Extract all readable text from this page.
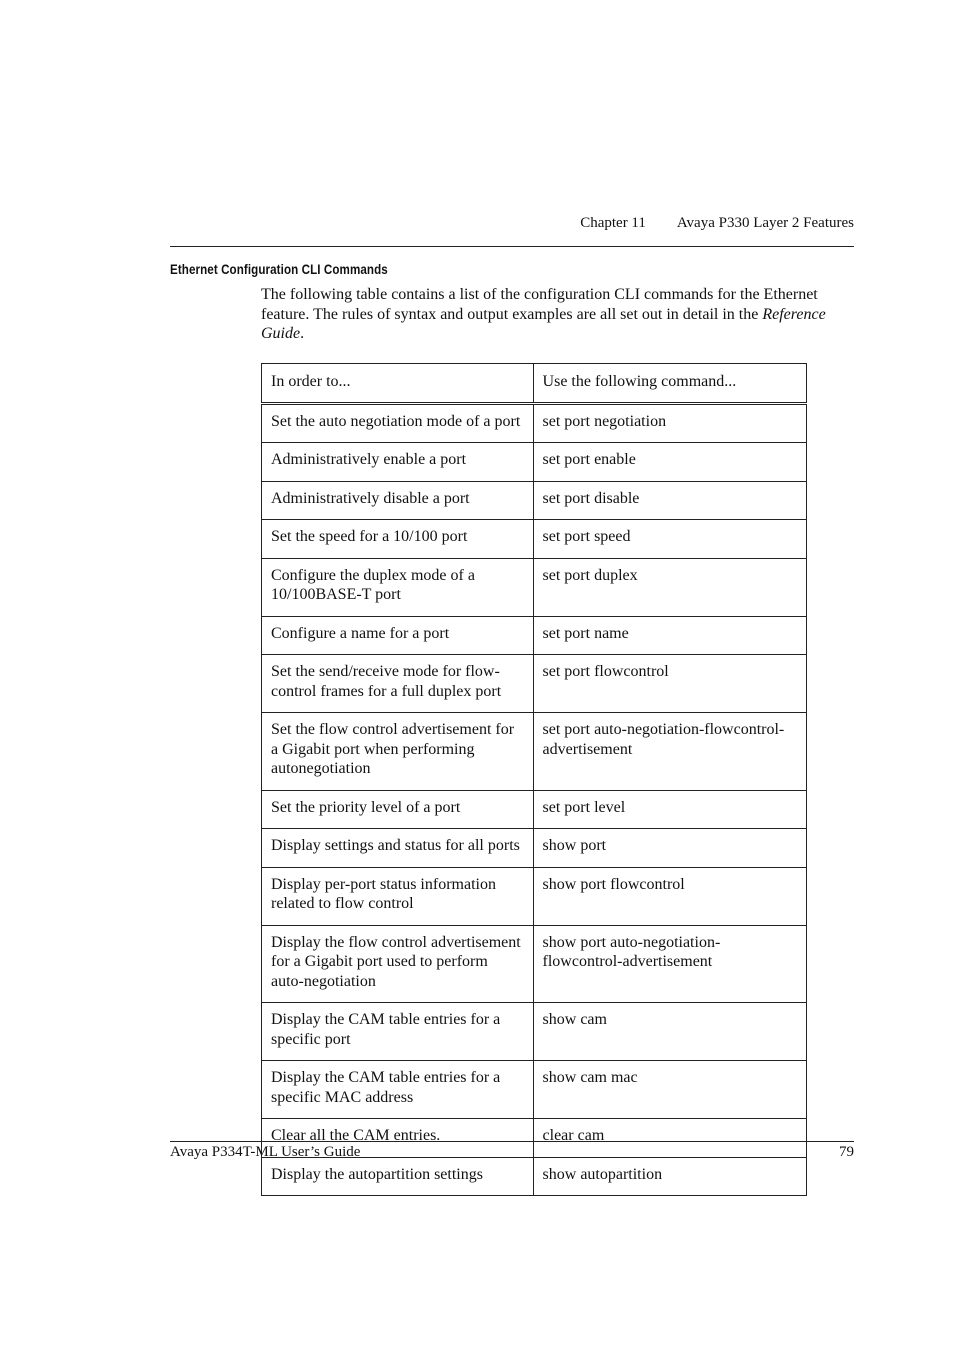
Chapter 11 Avaya P330 Layer 2 Features
Ethernet Configuration CLI Commands

The following table contains a list of the configuration CLI commands for the Ethernet feature. The rules of syntax and output examples are all set out in detail in the Reference Guide.

In order to...	Use the following command...
Set the auto negotiation mode of a port	set port negotiation
Administratively enable a port	set port enable
Administratively disable a port	set port disable
Set the speed for a 10/100 port	set port speed
Configure the duplex mode of a 10/100BASE-T port	set port duplex
Configure a name for a port	set port name
Set the send/receive mode for flow-control frames for a full duplex port	set port flowcontrol
Set the flow control advertisement for a Gigabit port when performing autonegotiation	set port auto-negotiation-flowcontrol-advertisement
Set the priority level of a port	set port level
Display settings and status for all ports	show port
Display per-port status information related to flow control	show port flowcontrol
Display the flow control advertisement for a Gigabit port used to perform auto-negotiation	show port auto-negotiation-flowcontrol-advertisement
Display the CAM table entries for a specific port	show cam
Display the CAM table entries for a specific MAC address	show cam mac
Clear all the CAM entries.	clear cam
Display the autopartition settings	show autopartition
Avaya P334T-ML User’s Guide	79
